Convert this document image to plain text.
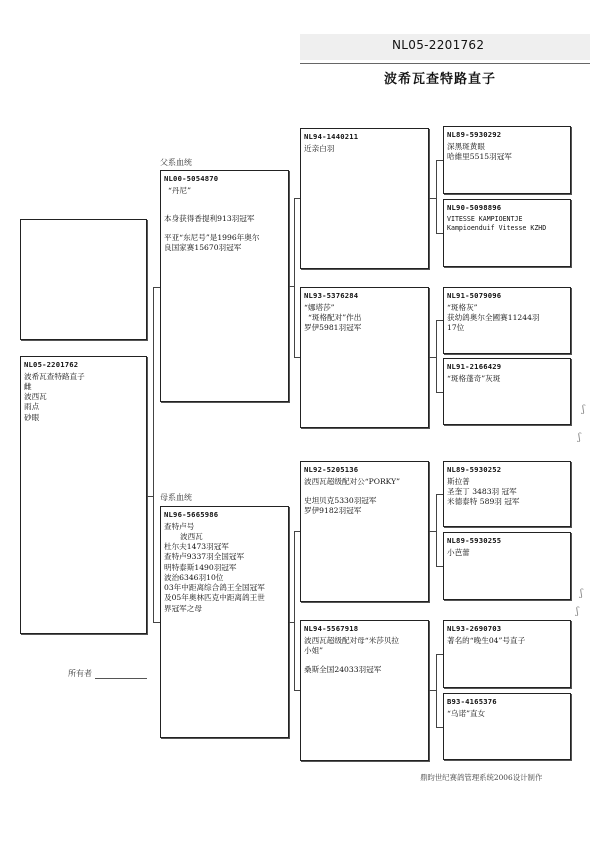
NL05-2201762
波希瓦查特路直子
NL05-2201762
波希瓦查特路直子
雌
波西瓦
雨点
砂眼
所有者
父系血统
母系血统
NL00-5054870
“丹尼”
本身获得香提利913羽冠军
平亚“东尼号”是1996年奥尔
良国家赛15670羽冠军
NL96-5665986
查特卢号
波西瓦
杜尔夫1473羽冠军
查特卢9337羽全国冠军
明特泰斯1490羽冠军
波治6346羽10位
03年中距离综合鸽王全国冠军
及05年奥林匹克中距离鸽王世
界冠军之母
NL94-1440211
近亲白羽
NL93-5376284
“娜塔莎”
“斑格配对”作出
罗伊5981羽冠军
NL92-5205136
波西瓦超级配对公“PORKY”
史坦贝克5330羽冠军
罗伊9182羽冠军
NL94-5567918
波西瓦超级配对母“米莎贝拉
小姐”
桑斯全国24033羽冠军
NL89-5930292
深黑斑黄眼
哈維里5515羽冠军
NL90-5098896
VITESSE KAMPIOENTJE
Kampioenduif Vitesse KZHD
NL91-5079096
“斑格灰”
获幼鸽奥尔全國赛11244羽
17位
NL91-2166429
“斑格蓬奇”灰斑
NL89-5930252
斯拉普
圣奎丁 3483羽 冠军
米德泰特 589羽 冠军
NL89-5930255
小芭蕾
NL93-2690703
著名的“晚生04”号直子
B93-4165376
“乌诺”直女
ʃ
ʃ
ʃ
ʃ
鼎昀世纪赛鸽管理系统2006设计制作
